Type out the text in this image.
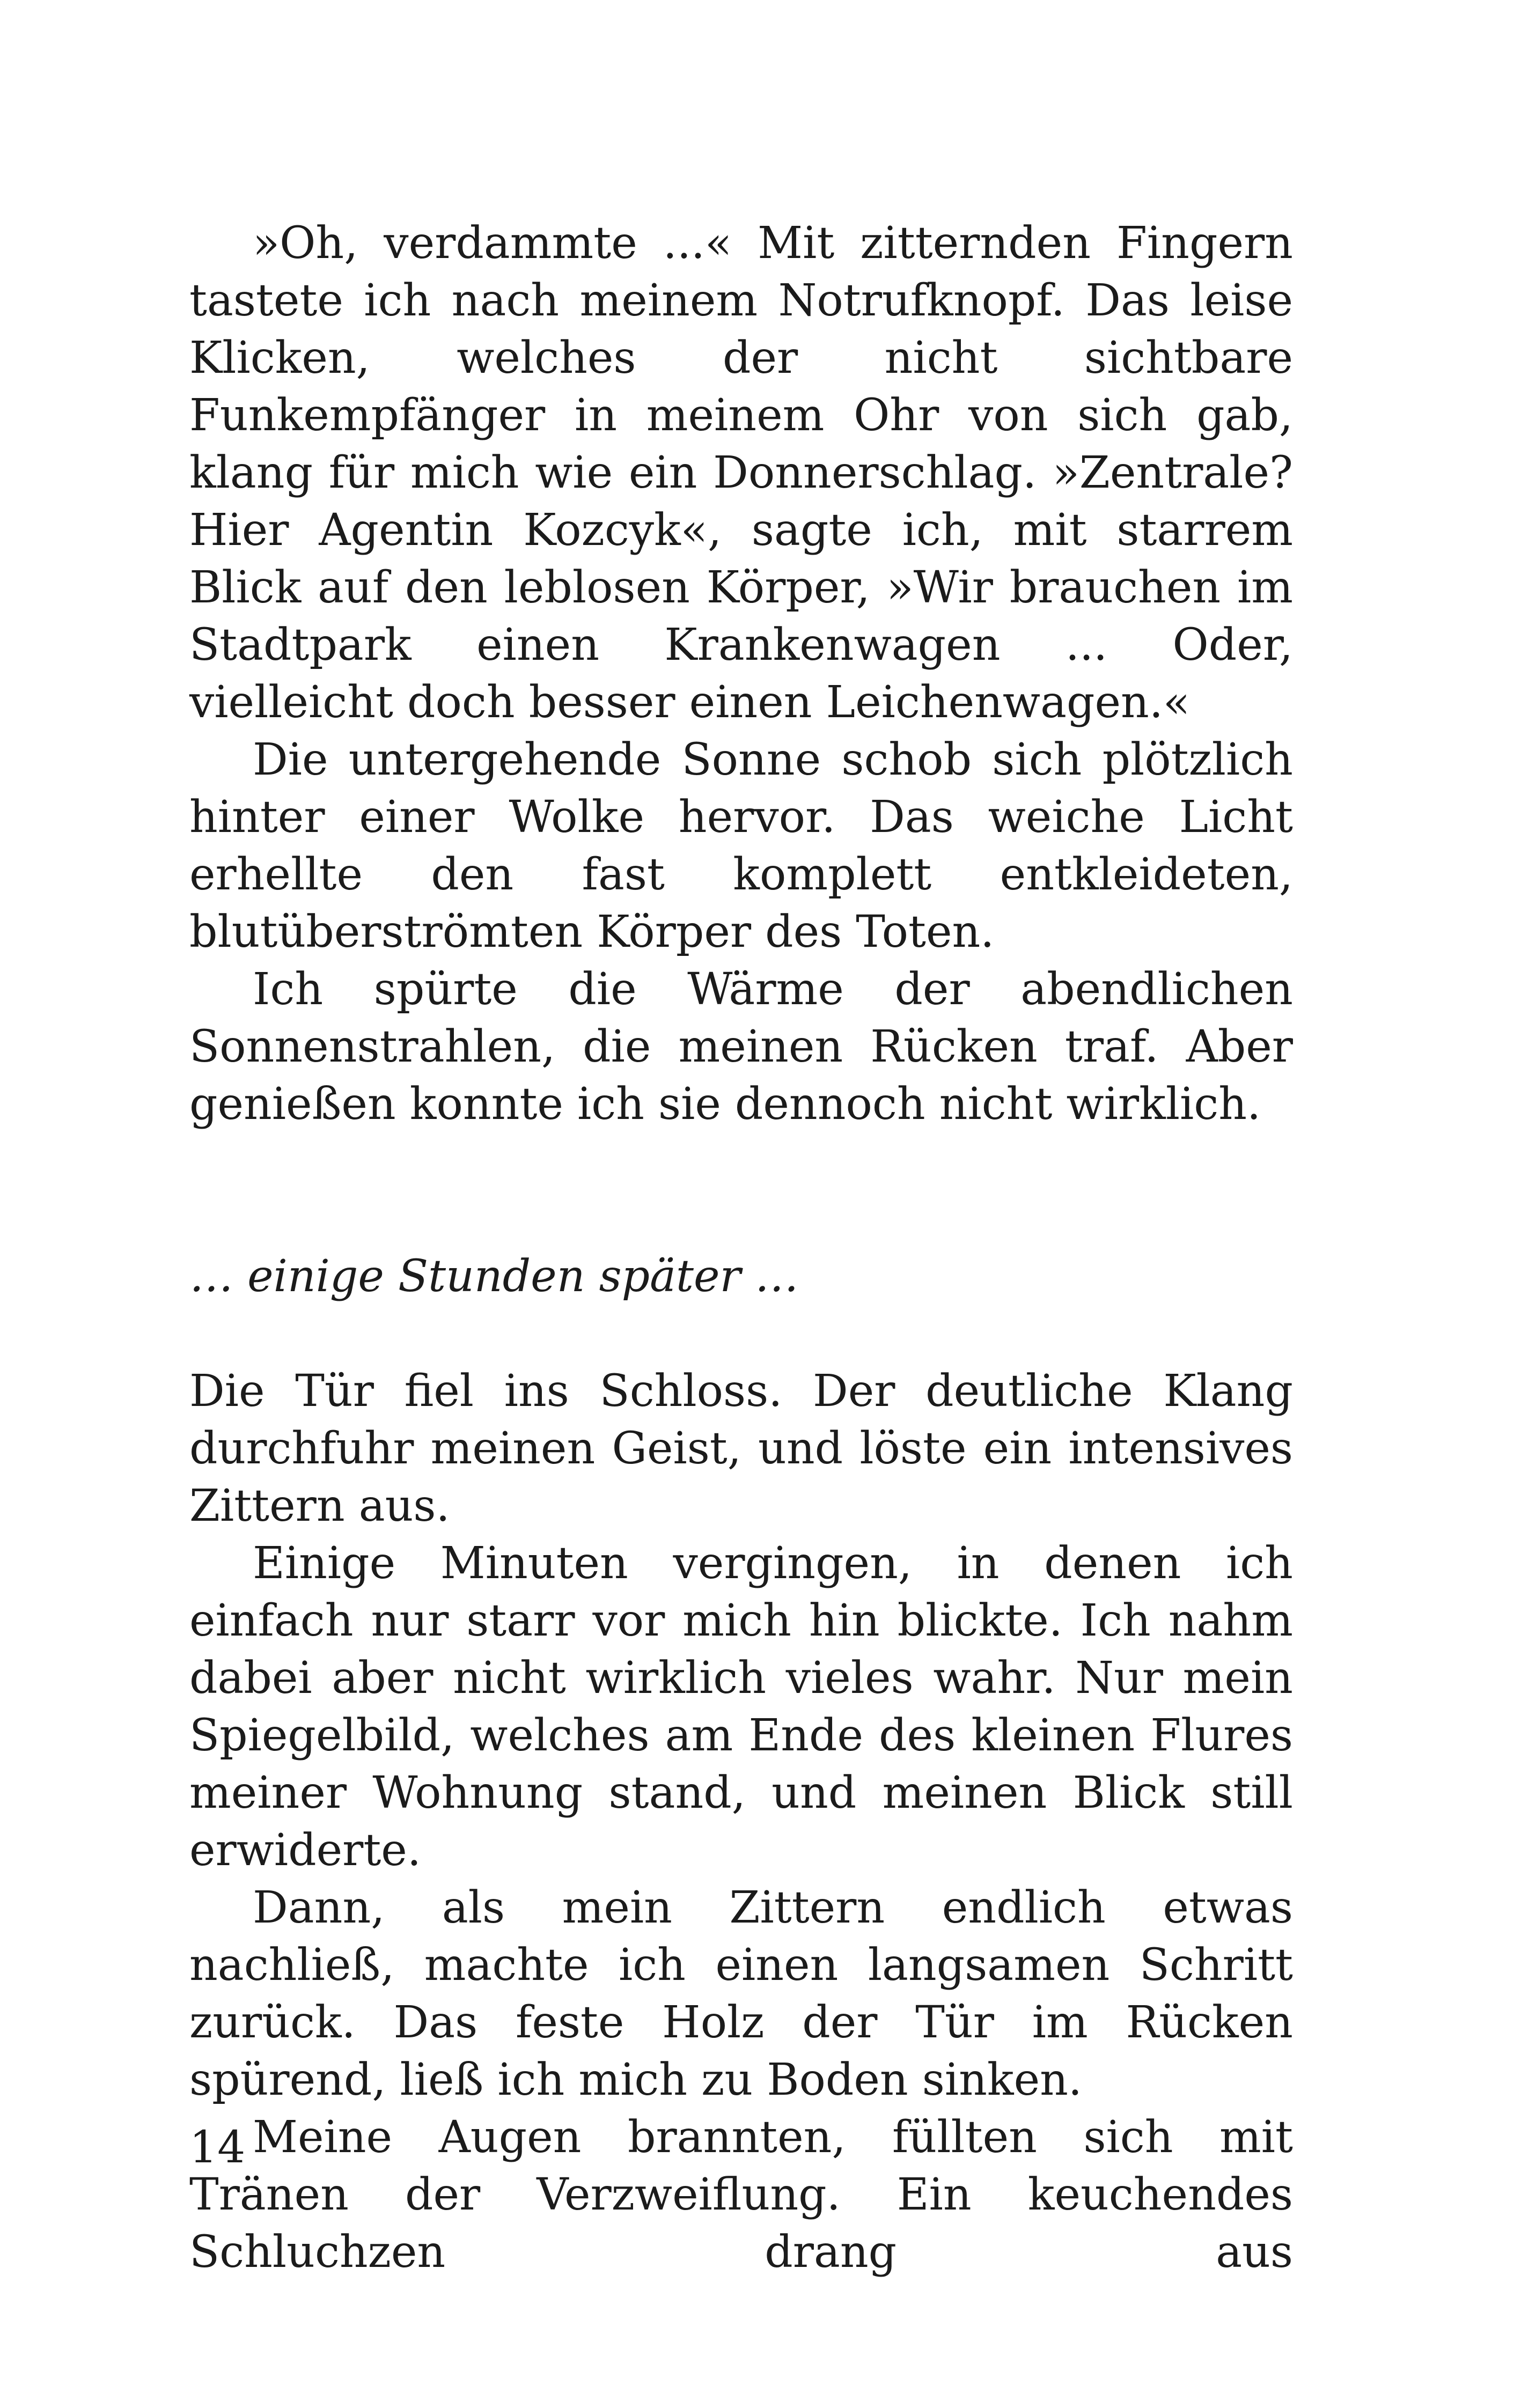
»Oh, verdammte ...« Mit zitternden Fingern tastete ich nach meinem Notrufknopf. Das leise Klicken, welches der nicht sichtbare Funkempfänger in meinem Ohr von sich gab, klang für mich wie ein Donnerschlag. »Zentrale? Hier Agentin Kozcyk«, sagte ich, mit starrem Blick auf den leblosen Körper, »Wir brauchen im Stadtpark einen Krankenwagen ... Oder, vielleicht doch besser einen Leichenwagen.«

Die untergehende Sonne schob sich plötzlich hinter einer Wolke hervor. Das weiche Licht erhellte den fast komplett entkleideten, blutüberströmten Körper des Toten.

Ich spürte die Wärme der abendlichen Sonnenstrahlen, die meinen Rücken traf. Aber genießen konnte ich sie dennoch nicht wirklich.

… einige Stunden später …

Die Tür fiel ins Schloss. Der deutliche Klang durchfuhr meinen Geist, und löste ein intensives Zittern aus.

Einige Minuten vergingen, in denen ich einfach nur starr vor mich hin blickte. Ich nahm dabei aber nicht wirklich vieles wahr. Nur mein Spiegelbild, welches am Ende des kleinen Flures meiner Wohnung stand, und meinen Blick still erwiderte.

Dann, als mein Zittern endlich etwas nachließ, machte ich einen langsamen Schritt zurück. Das feste Holz der Tür im Rücken spürend, ließ ich mich zu Boden sinken.

Meine Augen brannten, füllten sich mit Tränen der Verzweiflung. Ein keuchendes Schluchzen drang aus

14
